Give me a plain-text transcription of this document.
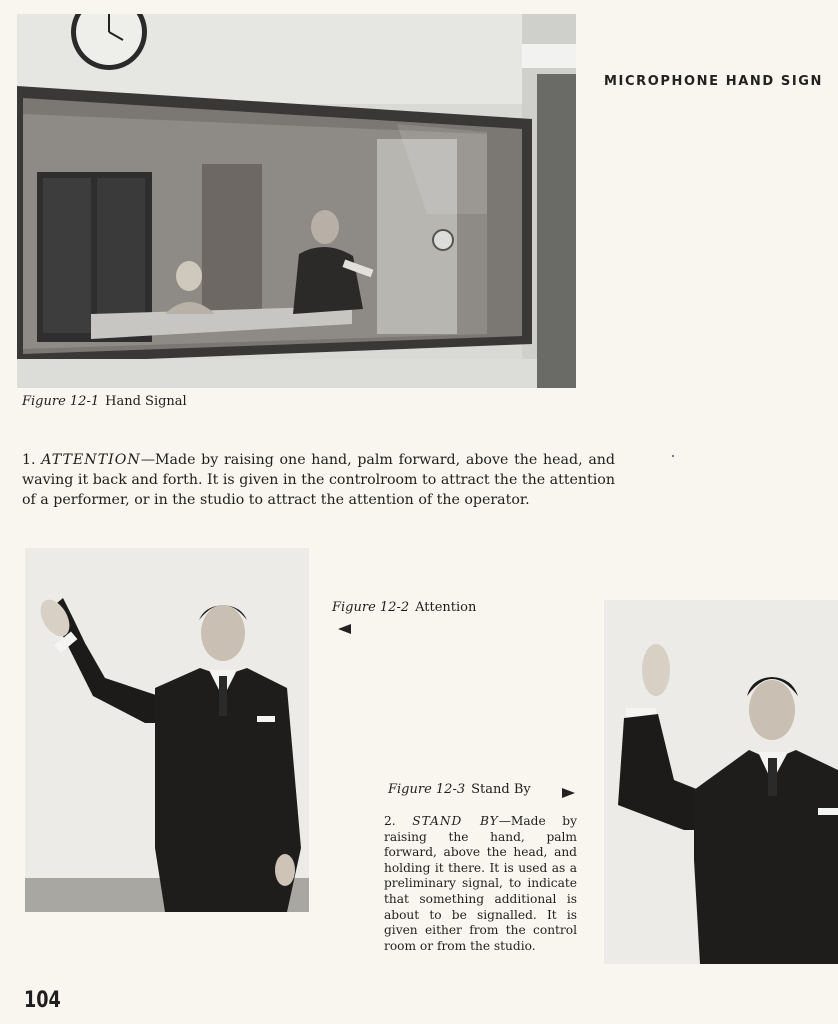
MICROPHONE HAND SIGN
Figure 12-1 Hand Signal
1. ATTENTION—Made by raising one hand, palm forward, above the head, and waving it back and forth. It is given in the controlroom to attract the the attention of a performer, or in the studio to attract the attention of the operator.
Figure 12-2 Attention
Figure 12-3 Stand By
2. STAND BY—Made by raising the hand, palm forward, above the head, and holding it there. It is used as a preliminary signal, to indicate that something additional is about to be signalled. It is given either from the control room or from the studio.
104
